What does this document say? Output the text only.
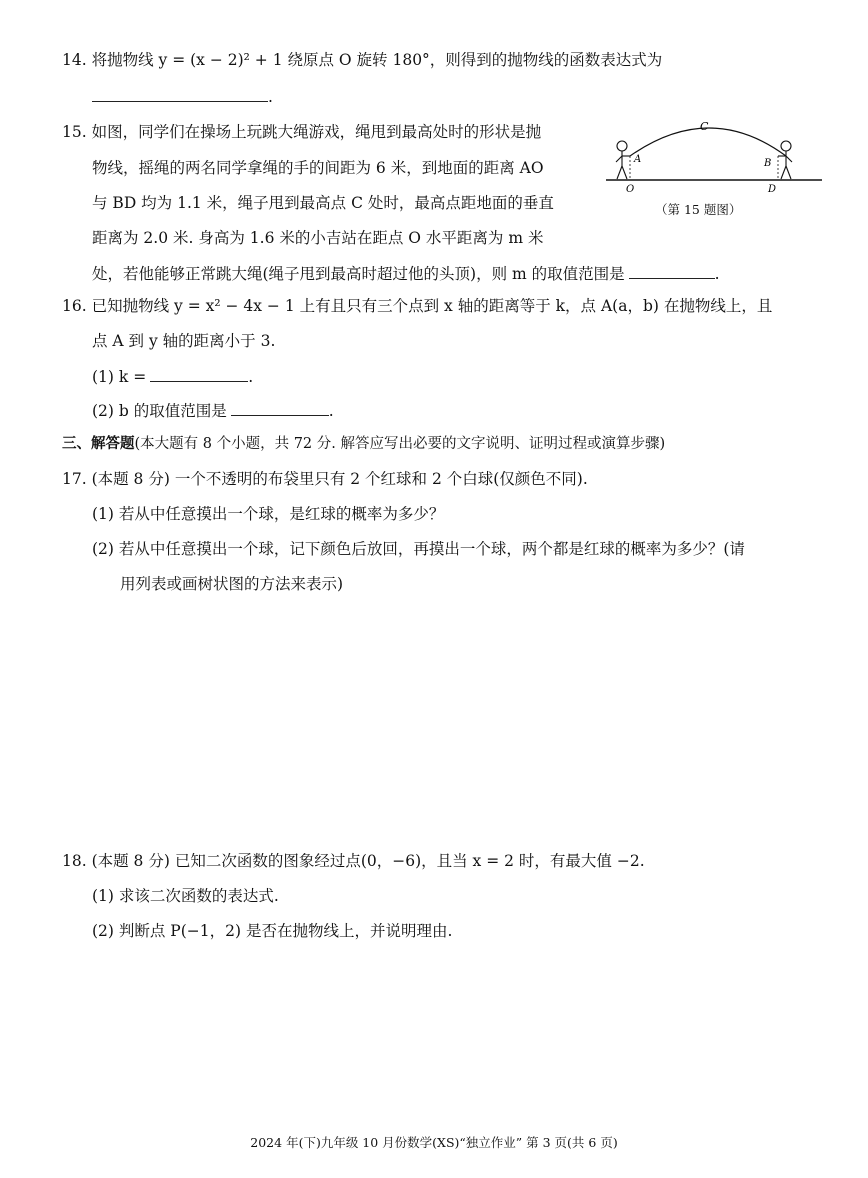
14. 将抛物线 y = (x − 2)² + 1 绕原点 O 旋转 180°，则得到的抛物线的函数表达式为
.
15. 如图，同学们在操场上玩跳大绳游戏，绳甩到最高处时的形状是抛
物线，摇绳的两名同学拿绳的手的间距为 6 米，到地面的距离 AO
与 BD 均为 1.1 米，绳子甩到最高点 C 处时，最高点距地面的垂直
距离为 2.0 米. 身高为 1.6 米的小吉站在距点 O 水平距离为 m 米
处，若他能够正常跳大绳(绳子甩到最高时超过他的头顶)，则 m 的取值范围是	.
C
A	B
O	D
（第 15 题图）
16. 已知抛物线 y = x² − 4x − 1 上有且只有三个点到 x 轴的距离等于 k，点 A(a，b) 在抛物线上，且
点 A 到 y 轴的距离小于 3.
(1) k =	.
(2) b 的取值范围是	.
三、解答题(本大题有 8 个小题，共 72 分. 解答应写出必要的文字说明、证明过程或演算步骤)
17. (本题 8 分) 一个不透明的布袋里只有 2 个红球和 2 个白球(仅颜色不同).
(1) 若从中任意摸出一个球，是红球的概率为多少？
(2) 若从中任意摸出一个球，记下颜色后放回，再摸出一个球，两个都是红球的概率为多少？(请
用列表或画树状图的方法来表示)
18. (本题 8 分) 已知二次函数的图象经过点(0，−6)，且当 x = 2 时，有最大值 −2.
(1) 求该二次函数的表达式.
(2) 判断点 P(−1，2) 是否在抛物线上，并说明理由.
2024 年(下)九年级 10 月份数学(XS)“独立作业” 第 3 页(共 6 页)
